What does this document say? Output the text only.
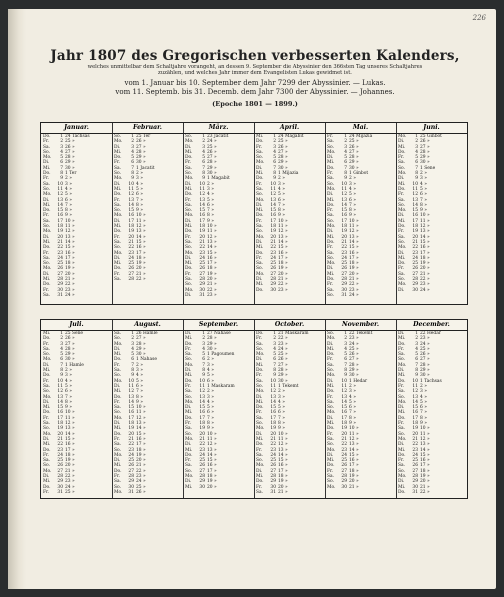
226
Jahr 1807 des Gregorischen verbesserten Kalenders,
welches unmittelbar dem Schaltjahre vorangeht, an dessen 9. September die Abyssinier den 366sten Tag unseres Schaltjahres
zuzählen, und welches Jahr immer dem Evangelisten Lukas gewidmet ist.
vom 1. Januar bis 10. September dem Jahr 7299 der Abyssinier. — Lukas.
vom 11. Septemb. bis 31. Decemb. dem Jahr 7300 der Abyssinier. — Johannes.
(Epoche 1801 — 1899.)
Januar.
Do. 1 24 Tachsas
Fr.	2 25 »
Sa. 3 26 »
So. 4 27 »
Mo. 5 28 »
Di. 6 29 »
Mi. 7 30 »
Do. 8 1 Ter
Fr.	9 2 »
Sa. 10 3 »
So. 11 4 »
Mo. 12 5 »
Di. 13 6 »
Mi. 14 7 »
Do. 15 8 »
Fr. 16 9 »
Sa. 17 10 »
So. 18 11 »
Mo. 19 12 »
Di. 20 13 »
Mi. 21 14 »
Do. 22 15 »
Fr. 23 16 »
Sa. 24 17 »
So. 25 18 »
Mo. 26 19 »
Di. 27 20 »
Mi. 28 21 »
Do. 29 22 »
Fr. 30 23 »
Sa. 31 24 »
Februar.
So. 1 25 Ter
Mo. 2 26 »
Di. 3 27 »
Mi. 4 28 »
Do. 5 29 »
Fr.	6 30 »
Sa. 7 1 Jacatit
So. 8 2 »
Mo. 9 3 »
Di. 10 4 »
Mi. 11 5 »
Do. 12 6 »
Fr. 13 7 »
Sa. 14 8 »
So. 15 9 »
Mo. 16 10 »
Di. 17 11 »
Mi. 18 12 »
Do. 19 13 »
Fr. 20 14 »
Sa. 21 15 »
So. 22 16 »
Mo. 23 17 »
Di. 24 18 »
Mi. 25 19 »
Do. 26 20 »
Fr. 27 21 »
Sa. 28 22 »
März.
So. 1 23 Jacatit
Mo. 2 24 »
Di. 3 25 »
Mi. 4 26 »
Do. 5 27 »
Fr.	6 28 »
Sa. 7 29 »
So. 8 30 »
Mo. 9 1 Magabit
Di. 10 2 »
Mi. 11 3 »
Do. 12 4 »
Fr. 13 5 »
Sa. 14 6 »
So. 15 7 »
Mo. 16 8 »
Di. 17 9 »
Mi. 18 10 »
Do. 19 11 »
Fr. 20 12 »
Sa. 21 13 »
So. 22 14 »
Mo. 23 15 »
Di. 24 16 »
Mi. 25 17 »
Do. 26 18 »
Fr. 27 19 »
Sa. 28 20 »
So. 29 21 »
Mo. 30 22 »
Di. 31 23 »
April.
Mi. 1 24 Magabit
Do. 2 25 »
Fr.	3 26 »
Sa. 4 27 »
So. 5 28 »
Mo. 6 29 »
Di. 7 30 »
Mi. 8 1 Mijazia
Do. 9 2 »
Fr. 10 3 »
Sa. 11 4 »
So. 12 5 »
Mo. 13 6 »
Di. 14 7 »
Mi. 15 8 »
Do. 16 9 »
Fr. 17 10 »
Sa. 18 11 »
So. 19 12 »
Mo. 20 13 »
Di. 21 14 »
Mi. 22 15 »
Do. 23 16 »
Fr. 24 17 »
Sa. 25 18 »
So. 26 19 »
Mo. 27 20 »
Di. 28 21 »
Mi. 29 22 »
Do. 30 23 »
Mai.
Fr.	1 24 Mijazia
Sa. 2 25 »
So. 3 26 »
Mo. 4 27 »
Di. 5 28 »
Mi. 6 29 »
Do. 7 30 »
Fr.	8 1 Ginbot
Sa. 9 2 »
So. 10 3 »
Mo. 11 4 »
Di. 12 5 »
Mi. 13 6 »
Do. 14 7 »
Fr. 15 8 »
Sa. 16 9 »
So. 17 10 »
Mo. 18 11 »
Di. 19 12 »
Mi. 20 13 »
Do. 21 14 »
Fr. 22 15 »
Sa. 23 16 »
So. 24 17 »
Mo. 25 18 »
Di. 26 19 »
Mi. 27 20 »
Do. 28 21 »
Fr. 29 22 »
Sa. 30 23 »
So. 31 24 »
Juni.
Mo. 1 25 Ginbot
Di. 2 26 »
Mi. 3 27 »
Do. 4 28 »
Fr.	5 29 »
Sa. 6 30 »
So. 7 1 Sene
Mo. 8 2 »
Di. 9 3 »
Mi. 10 4 »
Do. 11 5 »
Fr. 12 6 »
Sa. 13 7 »
So. 14 8 »
Mo. 15 9 »
Di. 16 10 »
Mi. 17 11 »
Do. 18 12 »
Fr. 19 13 »
Sa. 20 14 »
So. 21 15 »
Mo. 22 16 »
Di. 23 17 »
Mi. 24 18 »
Do. 25 19 »
Fr. 26 20 »
Sa. 27 21 »
So. 28 22 »
Mo. 29 23 »
Di. 30 24 »
Juli.
Mi. 1 25 Sene
Do. 2 26 »
Fr.	3 27 »
Sa. 4 28 »
So. 5 29 »
Mo. 6 30 »
Di. 7 1 Hamle
Mi. 8 2 »
Do. 9 3 »
Fr. 10 4 »
Sa. 11 5 »
So. 12 6 »
Mo. 13 7 »
Di. 14 8 »
Mi. 15 9 »
Do. 16 10 »
Fr. 17 11 »
Sa. 18 12 »
So. 19 13 »
Mo. 20 14 »
Di. 21 15 »
Mi. 22 16 »
Do. 23 17 »
Fr. 24 18 »
Sa. 25 19 »
So. 26 20 »
Mo. 27 21 »
Di. 28 22 »
Mi. 29 23 »
Do. 30 24 »
Fr. 31 25 »
August.
Sa. 1 26 Hamle
So. 2 27 »
Mo. 3 28 »
Di. 4 29 »
Mi. 5 30 »
Do. 6 1 Nahase
Fr.	7 2 »
Sa. 8 3 »
So. 9 4 »
Mo. 10 5 »
Di. 11 6 »
Mi. 12 7 »
Do. 13 8 »
Fr. 14 9 »
Sa. 15 10 »
So. 16 11 »
Mo. 17 12 »
Di. 18 13 »
Mi. 19 14 »
Do. 20 15 »
Fr. 21 16 »
Sa. 22 17 »
So. 23 18 »
Mo. 24 19 »
Di. 25 20 »
Mi. 26 21 »
Do. 27 22 »
Fr. 28 23 »
Sa. 29 24 »
So. 30 25 »
Mo. 31 26 »
September.
Di. 1 27 Nahase
Mi. 2 28 »
Do. 3 29 »
Fr.	4 30 »
Sa. 5 1 Pagoumen
So. 6 2 »
Mo. 7 3 »
Di. 8 4 »
Mi. 9 5 »
Do. 10 6 »
Fr. 11 1 Maskaram
Sa. 12 2 »
So. 13 3 »
Mo. 14 4 »
Di. 15 5 »
Mi. 16 6 »
Do. 17 7 »
Fr. 18 8 »
Sa. 19 9 »
So. 20 10 »
Mo. 21 11 »
Di. 22 12 »
Mi. 23 13 »
Do. 24 14 »
Fr. 25 15 »
Sa. 26 16 »
So. 27 17 »
Mo. 28 18 »
Di. 29 19 »
Mi. 30 20 »
October.
Do. 1 21 Maskaram
Fr.	2 22 »
Sa. 3 23 »
So. 4 24 »
Mo. 5 25 »
Di. 6 26 »
Mi. 7 27 »
Do. 8 28 »
Fr.	9 29 »
Sa. 10 30 »
So. 11 1 Tekemt
Mo. 12 2 »
Di. 13 3 »
Mi. 14 4 »
Do. 15 5 »
Fr. 16 6 »
Sa. 17 7 »
So. 18 8 »
Mo. 19 9 »
Di. 20 10 »
Mi. 21 11 »
Do. 22 12 »
Fr. 23 13 »
Sa. 24 14 »
So. 25 15 »
Mo. 26 16 »
Di. 27 17 »
Mi. 28 18 »
Do. 29 19 »
Fr. 30 20 »
Sa. 31 21 »
November.
So. 1 22 Tekemt
Mo. 2 23 »
Di. 3 24 »
Mi. 4 25 »
Do. 5 26 »
Fr.	6 27 »
Sa. 7 28 »
So. 8 29 »
Mo. 9 30 »
Di. 10 1 Hedar
Mi. 11 2 »
Do. 12 3 »
Fr. 13 4 »
Sa. 14 5 »
So. 15 6 »
Mo. 16 7 »
Di. 17 8 »
Mi. 18 9 »
Do. 19 10 »
Fr. 20 11 »
Sa. 21 12 »
So. 22 13 »
Mo. 23 14 »
Di. 24 15 »
Mi. 25 16 »
Do. 26 17 »
Fr. 27 18 »
Sa. 28 19 »
So. 29 20 »
Mo. 30 21 »
December.
Di. 1 22 Hedar
Mi. 2 23 »
Do. 3 24 »
Fr.	4 25 »
Sa. 5 26 »
So. 6 27 »
Mo. 7 28 »
Di. 8 29 »
Mi. 9 30 »
Do. 10 1 Tachsas
Fr. 11 2 »
Sa. 12 3 »
So. 13 4 »
Mo. 14 5 »
Di. 15 6 »
Mi. 16 7 »
Do. 17 8 »
Fr. 18 9 »
Sa. 19 10 »
So. 20 11 »
Mo. 21 12 »
Di. 22 13 »
Mi. 23 14 »
Do. 24 15 »
Fr. 25 16 »
Sa. 26 17 »
So. 27 18 »
Mo. 28 19 »
Di. 29 20 »
Mi. 30 21 »
Do. 31 22 »
